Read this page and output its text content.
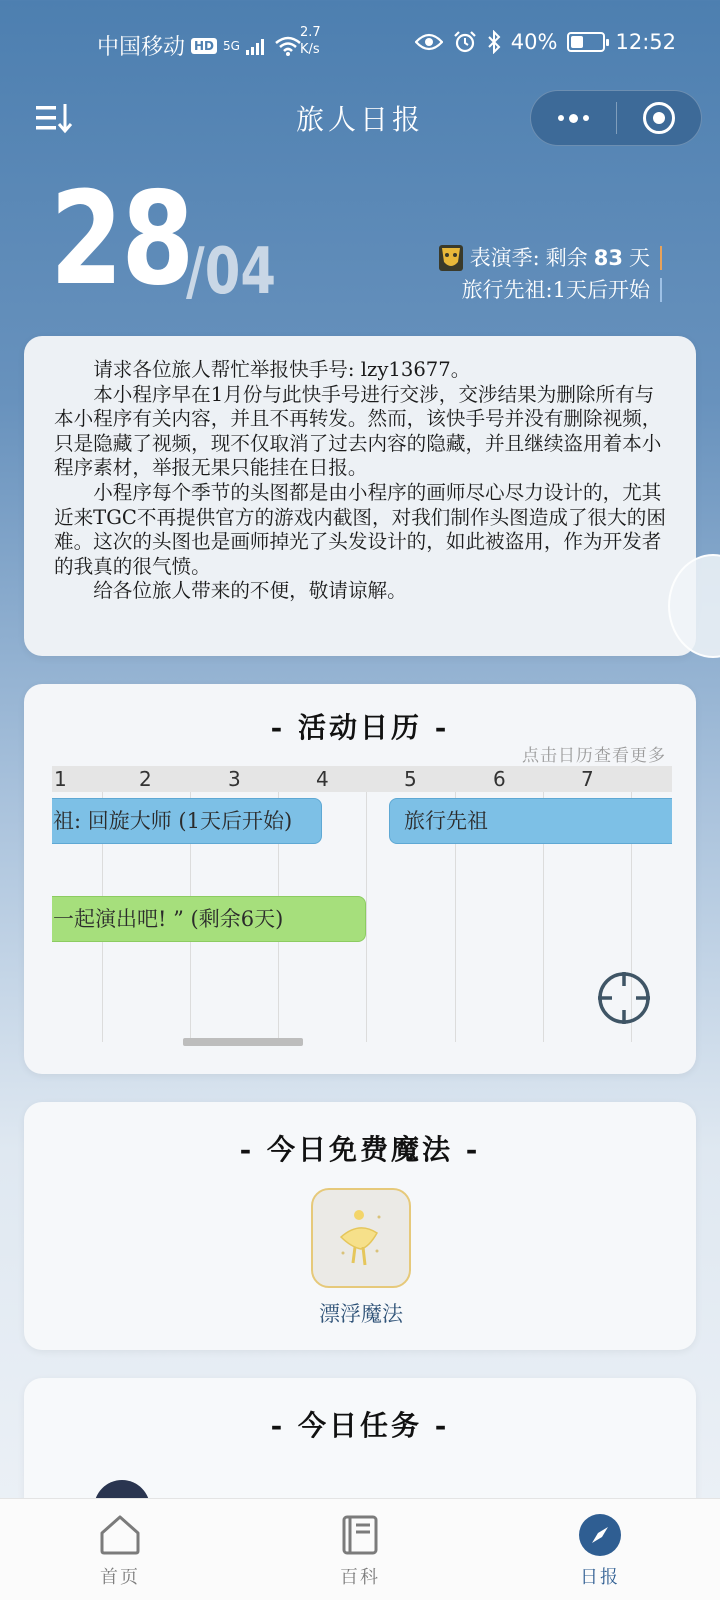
中国移动 HD 5G
2.7
K/s	40%	12:52
旅人日报
28
/04	表演季: 剩余 83 天
旅行先祖:1天后开始

请求各位旅人帮忙举报快手号: lzy13677。

本小程序早在1月份与此快手号进行交涉，交涉结果为删除所有与本小程序有关内容，并且不再转发。然而，该快手号并没有删除视频，只是隐藏了视频，现不仅取消了过去内容的隐藏，并且继续盗用着本小程序素材，举报无果只能挂在日报。

小程序每个季节的头图都是由小程序的画师尽心尽力设计的，尤其近来TGC不再提供官方的游戏内截图，对我们制作头图造成了很大的困难。这次的头图也是画师掉光了头发设计的，如此被盗用，作为开发者的我真的很气愤。

给各位旅人带来的不便，敬请谅解。

- 活动日历 -
点击日历查看更多
1	2	3	4	5	6	7
祖: 回旋大师 (1天后开始)	旅行先祖
一起演出吧! ” (剩余6天)
- 今日免费魔法 -
漂浮魔法
- 今日任务 -
首页	百科	日报
